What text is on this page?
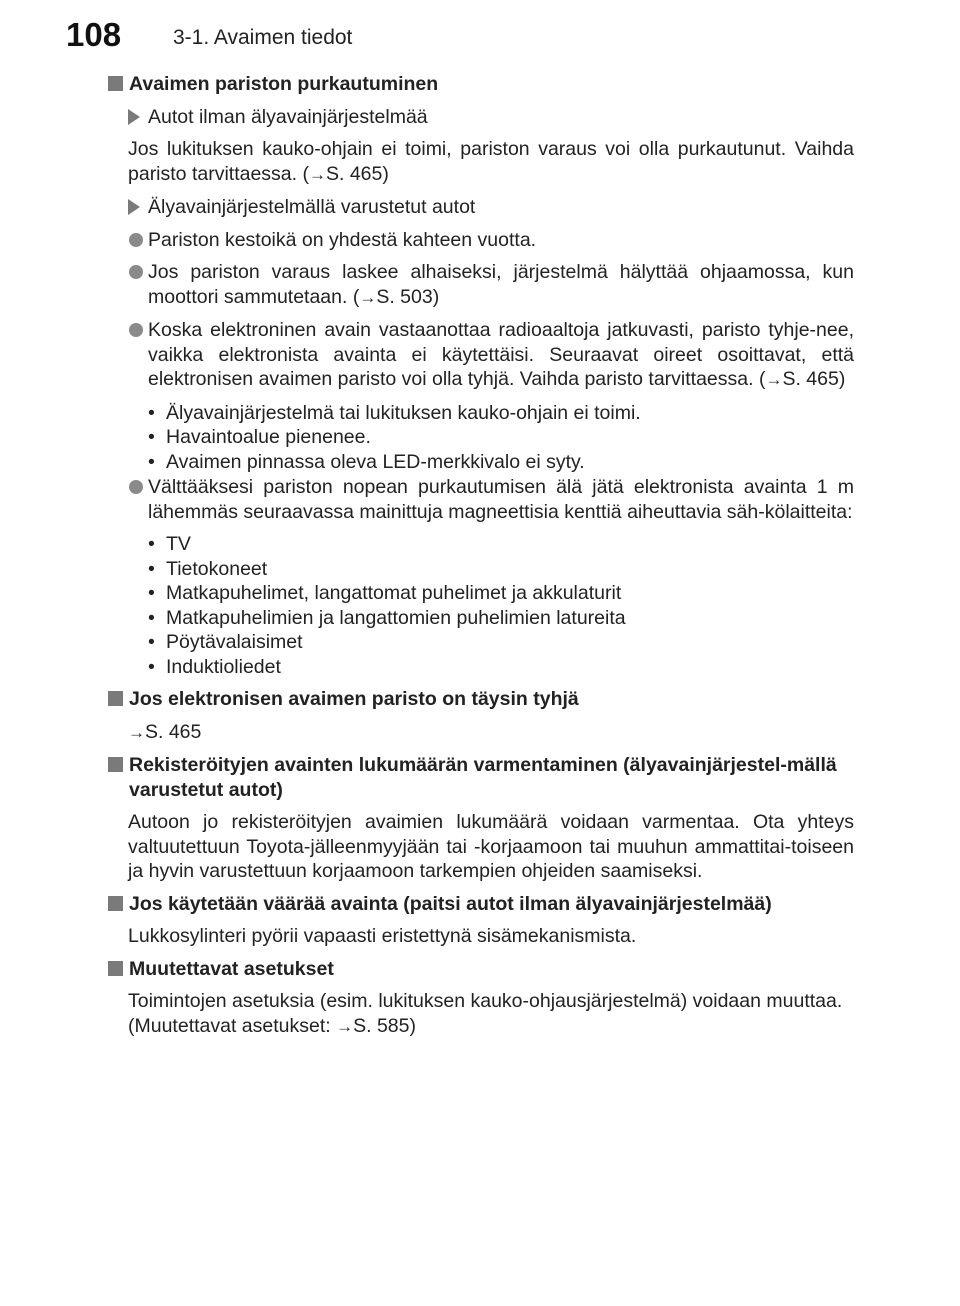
108 3-1. Avaimen tiedot
Avaimen pariston purkautuminen
Autot ilman älyavainjärjestelmää
Jos lukituksen kauko-ohjain ei toimi, pariston varaus voi olla purkautunut. Vaihda paristo tarvittaessa. (→S. 465)
Älyavainjärjestelmällä varustetut autot
Pariston kestoikä on yhdestä kahteen vuotta.
Jos pariston varaus laskee alhaiseksi, järjestelmä hälyttää ohjaamossa, kun moottori sammutetaan. (→S. 503)
Koska elektroninen avain vastaanottaa radioaaltoja jatkuvasti, paristo tyhje-nee, vaikka elektronista avainta ei käytettäisi. Seuraavat oireet osoittavat, että elektronisen avaimen paristo voi olla tyhjä. Vaihda paristo tarvittaessa. (→S. 465)
• Älyavainjärjestelmä tai lukituksen kauko-ohjain ei toimi.
• Havaintoalue pienenee.
• Avaimen pinnassa oleva LED-merkkivalo ei syty.
Välttääksesi pariston nopean purkautumisen älä jätä elektronista avainta 1 m lähemmäs seuraavassa mainittuja magneettisia kenttiä aiheuttavia säh-kölaitteita:
• TV
• Tietokoneet
• Matkapuhelimet, langattomat puhelimet ja akkulaturit
• Matkapuhelimien ja langattomien puhelimien latureita
• Pöytävalaisimet
• Induktioliedet
Jos elektronisen avaimen paristo on täysin tyhjä
→S. 465
Rekisteröityjen avainten lukumäärän varmentaminen (älyavainjärjestel-mällä varustetut autot)
Autoon jo rekisteröityjen avaimien lukumäärä voidaan varmentaa. Ota yhteys valtuutettuun Toyota-jälleenmyyjään tai -korjaamoon tai muuhun ammattitai-toiseen ja hyvin varustettuun korjaamoon tarkempien ohjeiden saamiseksi.
Jos käytetään väärää avainta (paitsi autot ilman älyavainjärjestelmää)
Lukkosylinteri pyörii vapaasti eristettynä sisämekanismista.
Muutettavat asetukset
Toimintojen asetuksia (esim. lukituksen kauko-ohjausjärjestelmä) voidaan muuttaa.
(Muutettavat asetukset: →S. 585)
